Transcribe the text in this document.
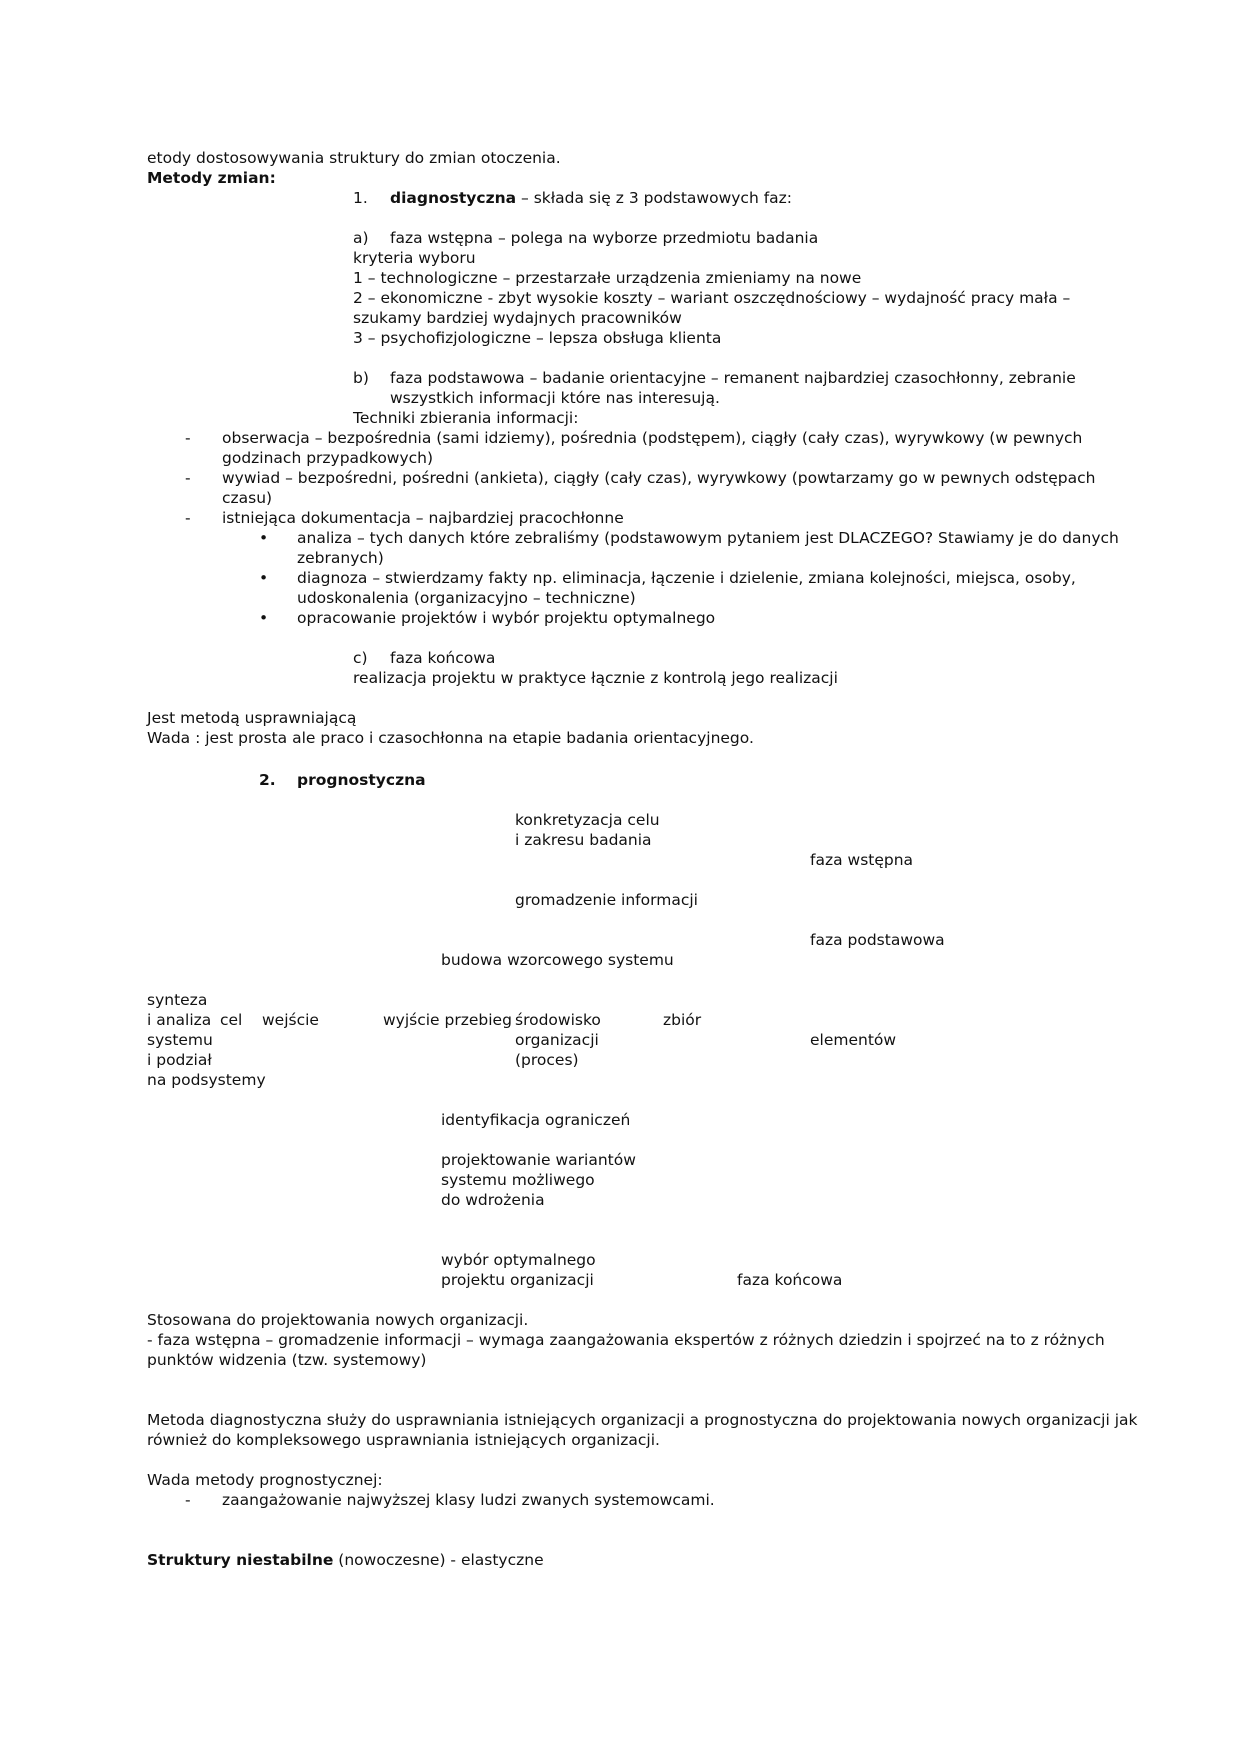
etody dostosowywania struktury do zmian otoczenia.
Metody zmian:
1. diagnostyczna – składa się z 3 podstawowych faz:
a) faza wstępna – polega na wyborze przedmiotu badania
kryteria wyboru
1 – technologiczne – przestarzałe urządzenia zmieniamy na nowe
2 – ekonomiczne - zbyt wysokie koszty – wariant oszczędnościowy – wydajność pracy mała –
szukamy bardziej wydajnych pracowników
3 – psychofizjologiczne – lepsza obsługa klienta
b) faza podstawowa – badanie orientacyjne – remanent najbardziej czasochłonny, zebranie
wszystkich informacji które nas interesują.
Techniki zbierania informacji:
- obserwacja – bezpośrednia (sami idziemy), pośrednia (podstępem), ciągły (cały czas), wyrywkowy (w pewnych
godzinach przypadkowych)
- wywiad – bezpośredni, pośredni (ankieta), ciągły (cały czas), wyrywkowy (powtarzamy go w pewnych odstępach
czasu)
- istniejąca dokumentacja – najbardziej pracochłonne
• analiza – tych danych które zebraliśmy (podstawowym pytaniem jest DLACZEGO? Stawiamy je do danych
zebranych)
• diagnoza – stwierdzamy fakty np. eliminacja, łączenie i dzielenie, zmiana kolejności, miejsca, osoby,
udoskonalenia (organizacyjno – techniczne)
• opracowanie projektów i wybór projektu optymalnego
c) faza końcowa
realizacja projektu w praktyce łącznie z kontrolą jego realizacji
Jest metodą usprawniającą
Wada : jest prosta ale praco i czasochłonna na etapie badania orientacyjnego.
2. prognostyczna
konkretyzacja celu
i zakresu badania
faza wstępna
gromadzenie informacji
faza podstawowa
budowa wzorcowego systemu
synteza
i analiza
systemu
i podział
na podsystemy
cel wejście	wyjście przebieg środowisko
organizacji
(proces)
zbiór
elementów
identyfikacja ograniczeń
projektowanie wariantów
systemu możliwego
do wdrożenia
wybór optymalnego
projektu organizacji	faza końcowa
Stosowana do projektowania nowych organizacji.
- faza wstępna – gromadzenie informacji – wymaga zaangażowania ekspertów z różnych dziedzin i spojrzeć na to z różnych
punktów widzenia (tzw. systemowy)
Metoda diagnostyczna służy do usprawniania istniejących organizacji a prognostyczna do projektowania nowych organizacji jak
również do kompleksowego usprawniania istniejących organizacji.
Wada metody prognostycznej:
- zaangażowanie najwyższej klasy ludzi zwanych systemowcami.
Struktury niestabilne (nowoczesne) - elastyczne
